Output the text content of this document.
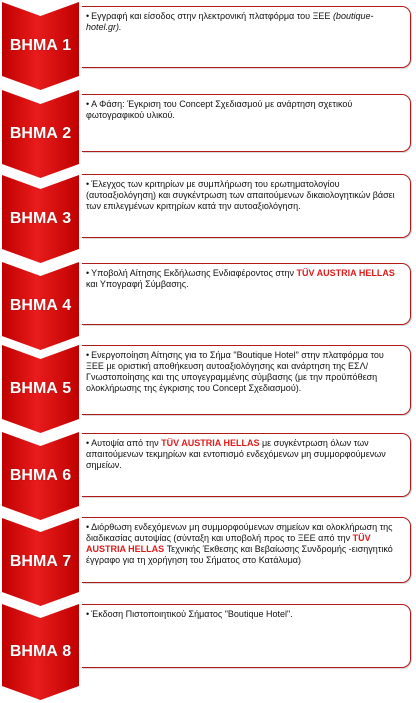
ΒΗΜΑ 1
• Εγγραφή και είσοδος στην ηλεκτρονική πλατφόρμα του ΞΕΕ (boutique-hotel.gr).
ΒΗΜΑ 2
• Α Φάση: Έγκριση του Concept Σχεδιασμού με ανάρτηση σχετικού φωτογραφικού υλικού.
ΒΗΜΑ 3
• Έλεγχος των κριτηρίων με συμπλήρωση του ερωτηματολογίου (αυτοαξιολόγηση) και συγκέντρωση των απαιτούμενων δικαιολογητικών βάσει των επιλεγμένων κριτηρίων κατά την αυτοαξιολόγηση.
ΒΗΜΑ 4
• Υποβολή Αίτησης Εκδήλωσης Ενδιαφέροντος στην TÜV AUSTRIA HELLAS και Υπογραφή Σύμβασης.
ΒΗΜΑ 5
• Ενεργοποίηση Αίτησης για το Σήμα "Boutique Hotel" στην πλατφόρμα του ΞΕΕ με οριστική αποθήκευση αυτοαξιολόγησης και ανάρτηση της ΕΣΛ/Γνωστοποίησης και της υπογεγραμμένης σύμβασης (με την προϋπόθεση ολοκλήρωσης της έγκρισης του Concept Σχεδιασμού).
ΒΗΜΑ 6
• Αυτοψία από την TÜV AUSTRIA HELLAS με συγκέντρωση όλων των απαιτούμενων τεκμηρίων και εντοπισμό ενδεχόμενων μη συμμορφούμενων σημείων.
ΒΗΜΑ 7
• Διόρθωση ενδεχόμενων μη συμμορφούμενων σημείων και ολοκλήρωση της διαδικασίας αυτοψίας (σύνταξη και υποβολή προς το ΞΕΕ από την TÜV AUSTRIA HELLAS Τεχνικής Έκθεσης και Βεβαίωσης Συνδρομής -εισηγητικό έγγραφο για τη χορήγηση του Σήματος στο Κατάλυμα)
ΒΗΜΑ 8
• Έκδοση Πιστοποιητικού Σήματος "Boutique Hotel".
